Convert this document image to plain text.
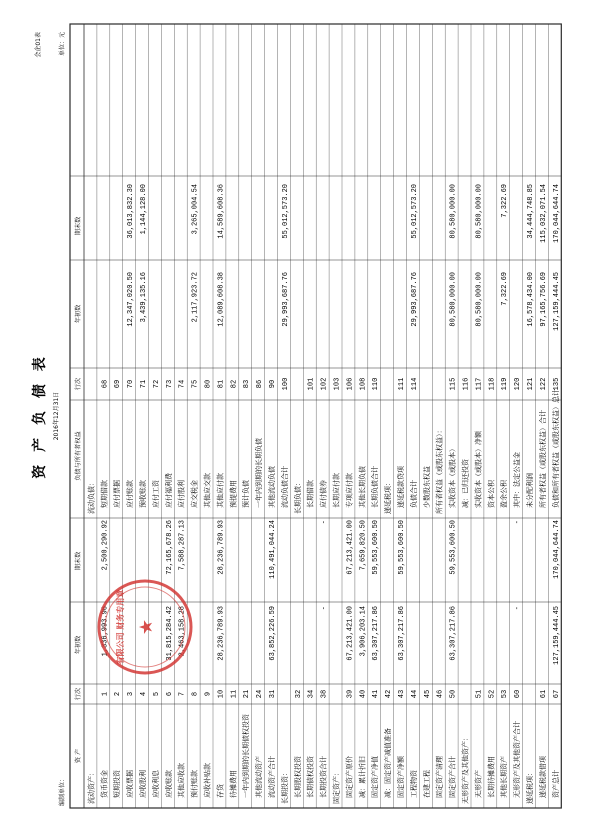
资 产 负 债 表 2016年12月31日
编制单位：
会企01表	单位：元
资 产
行次
年初数
期末数
负债与所有者权益
行次
年初数
期末数
流动资产： 货币资金
1
1,336,993.96
2,500,290.92
短期投资
2
应收票据
3
应收股利
4
应收利息
5
应收账款
6
31,815,284.42
72,165,678.26
其他应收款
7
2,463,158.28
7,588,287.13
预付账款
8
应收补贴款
9
存货
10
28,236,789.93
28,236,789.93
待摊费用
11
一年内到期的长期债权投资
21
其他流动资产
24
流动资产合计
31
63,852,226.59
110,491,044.24
长期投资： 长期股权投资
32
长期债权投资
34
长期投资合计
38
-
-
固定资产： 固定资产原价
39
67,213,421.00
67,213,421.00
减：累计折旧
40
3,906,203.14
7,659,820.50
固定资产净值
41
63,307,217.86
59,553,600.50
减：固定资产减值准备
42
固定资产净额
43
63,307,217.86
59,553,600.50
工程物资
44
在建工程
45
固定资产清理
46
固定资产合计
50
63,307,217.86
59,553,600.50
无形资产及其他资产： 无形资产
51
长期待摊费用
52
其他长期资产
53
无形资产及其他资产合计
60
-
-
递延税项： 递延税款借项
61
资产总计
67
127,159,444.45
170,044,644.74
流动负债： 短期借款
68
应付票据
69
应付账款
70
12,347,020.50
36,013,832.30
预收账款
71
3,439,135.16
1,144,128.00
应付工资
72
应付福利费
73
应付股利
74
应交税金
75
2,117,923.72
3,265,004.54
其他应交款
80
其他应付款
81
12,089,608.38
14,589,608.36
预提费用
82
预计负债
83
一年内到期的长期负债
86
其他流动负债
90
流动负债合计
100
29,993,687.76
55,012,573.20
长期负债： 长期借款
101
应付债券
102
长期应付款
103
专项应付款
106
其他长期负债
108
长期负债合计
110
递延税项： 递延税款贷项
111
负债合计
114
29,993,687.76
55,012,573.20
少数股东权益 所有者权益（或股东权益）： 实收资本（或股本）
115
80,580,000.00
80,580,000.00
减：已归还投资
116
实收资本（或股本）净额
117
80,580,000.00
80,580,000.00
资本公积
118
盈余公积
119
7,322.69
7,322.69
其中：法定公益金
120
未分配利润
121
16,578,434.00
34,444,748.85
所有者权益（或股东权益）合计
122
97,165,756.69
115,032,071.54
负债和所有者权益（或股东权益）总计
135
127,159,444.45
170,044,644.74
★
有限公司 财务专用章
